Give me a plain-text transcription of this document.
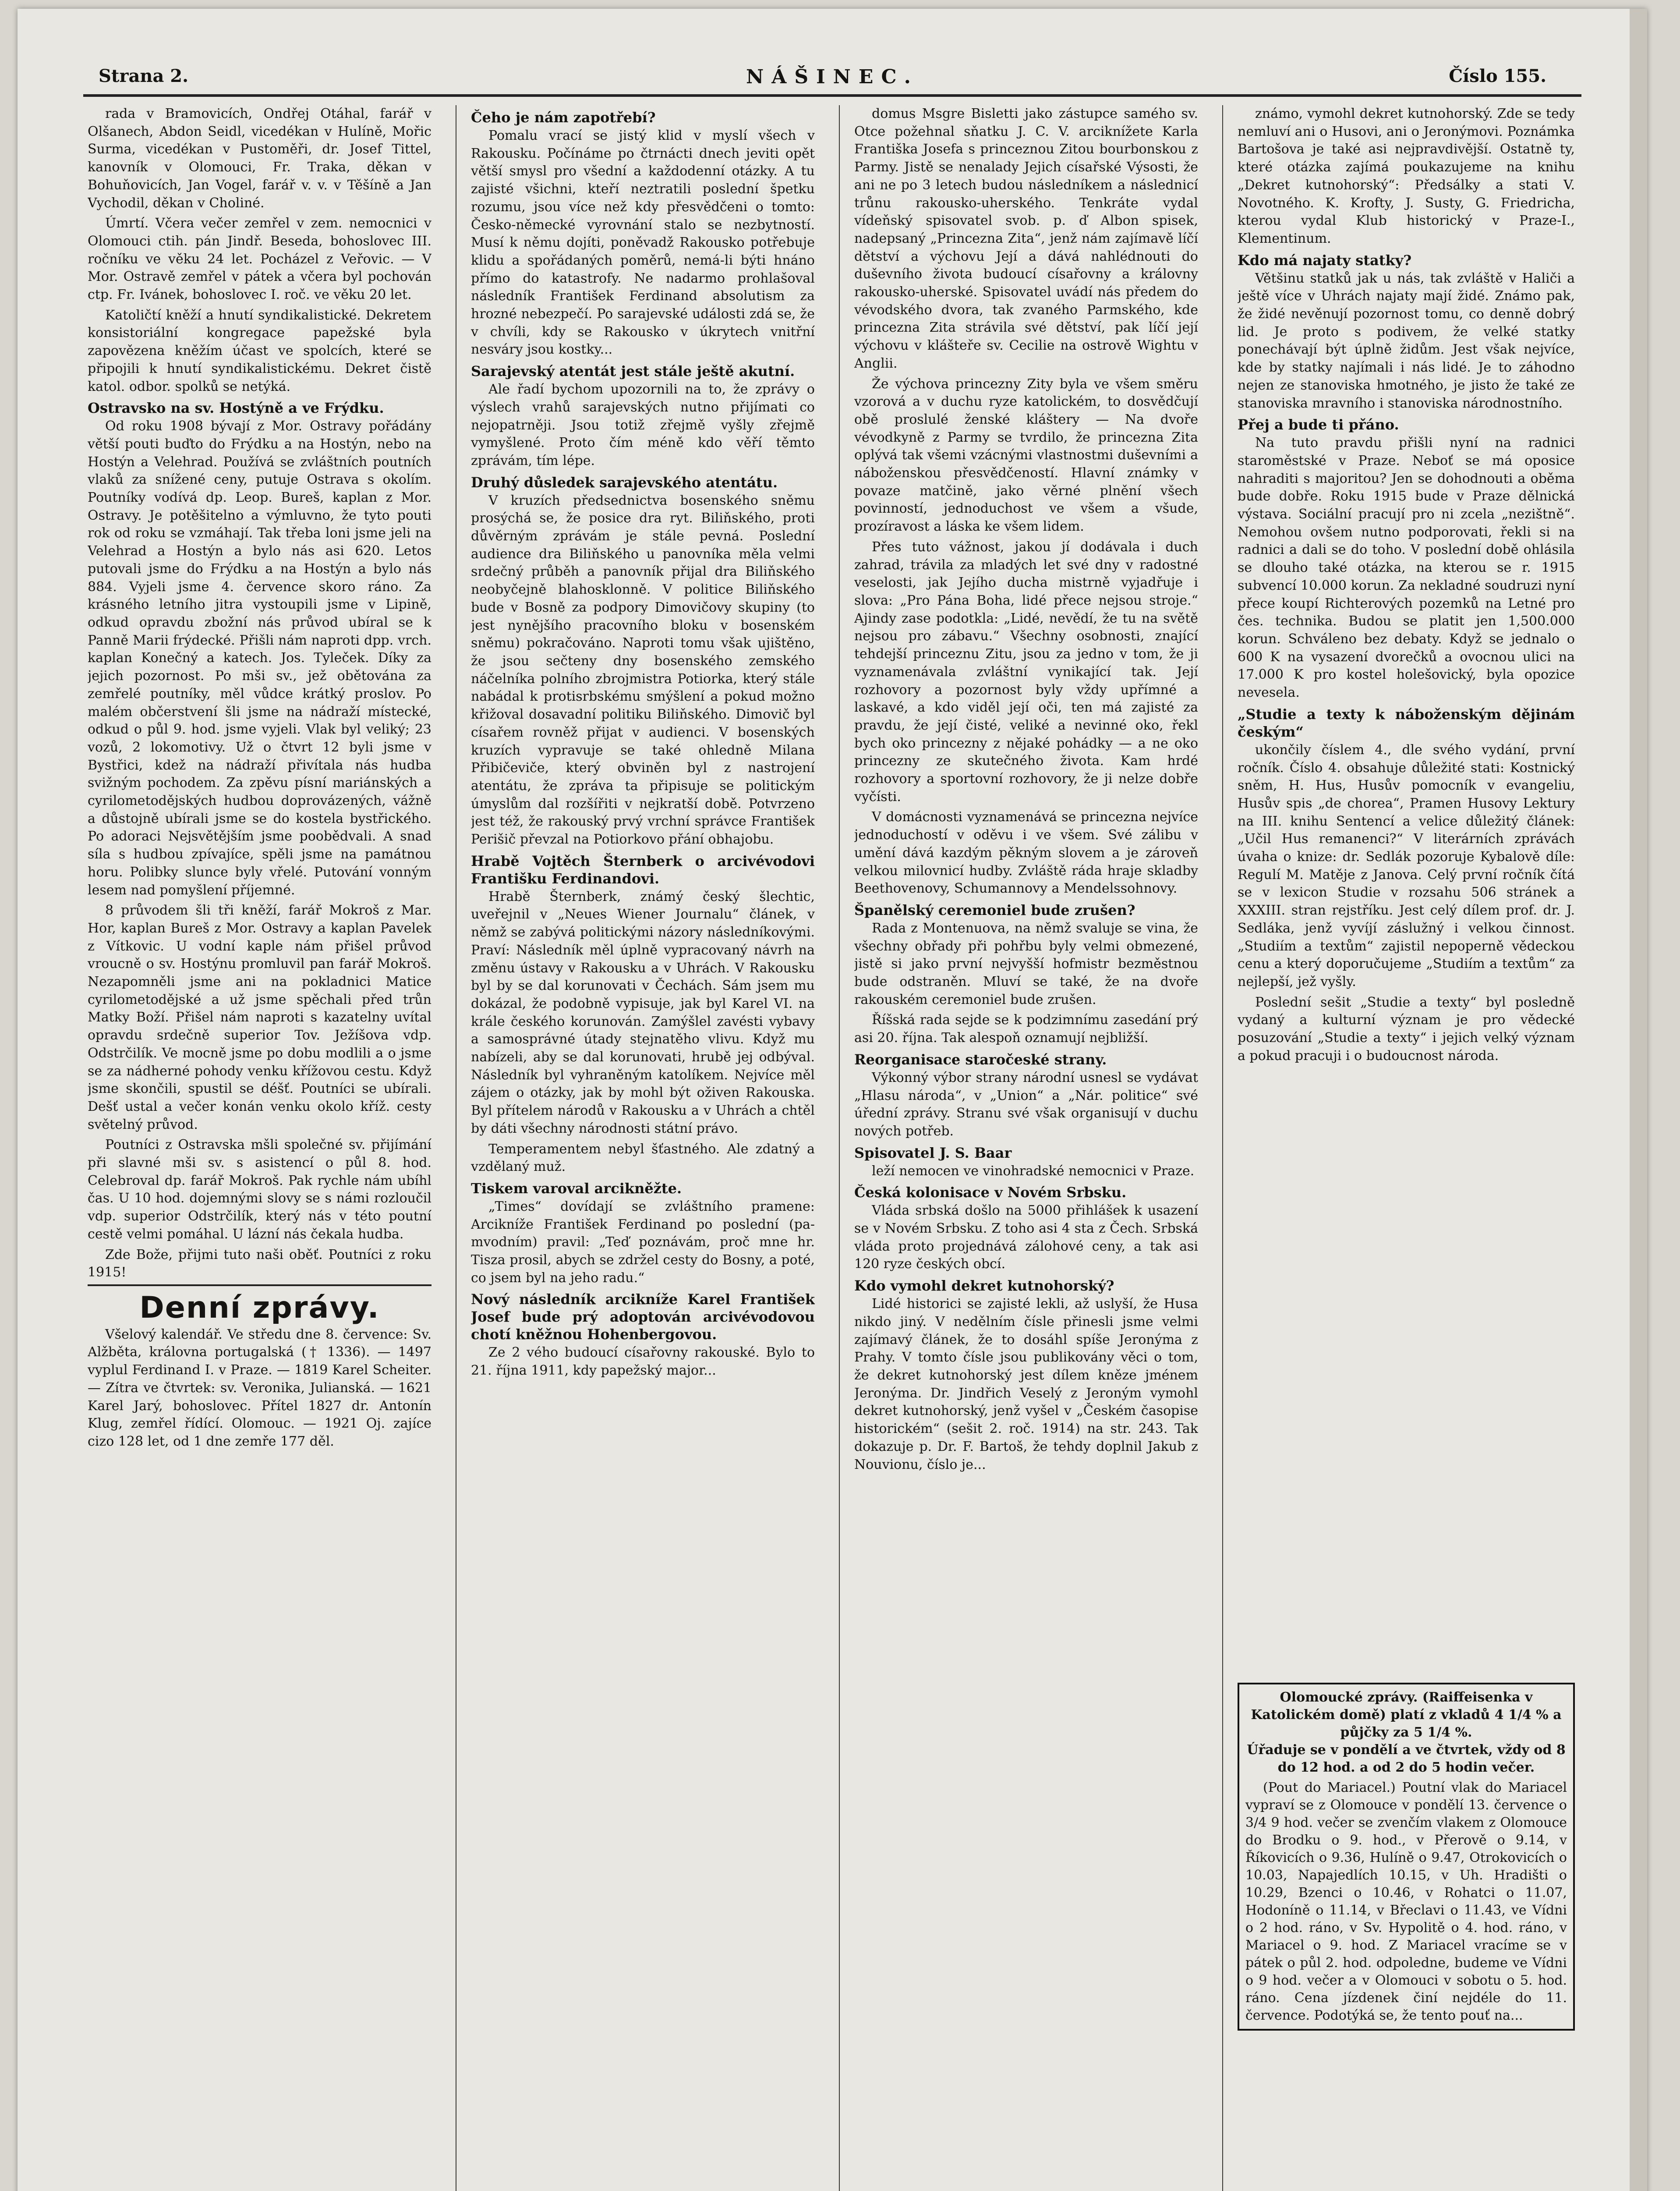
Strana 2.	NÁŠINEC.	Číslo 155.

rada v Bramovicích, Ondřej Otáhal, farář v Olšanech, Abdon Seidl, vicedékan v Hulíně, Mořic Surma, vicedékan v Pustoměři, dr. Josef Tittel, kanovník v Olomouci, Fr. Traka, děkan v Bohuňovicích, Jan Vogel, farář v. v. v Těšíně a Jan Vychodil, děkan v Choliné.

Úmrtí. Včera večer zemřel v zem. nemocnici v Olomouci ctih. pán Jindř. Beseda, bohoslovec III. ročníku ve věku 24 let. Pocházel z Veřovic. — V Mor. Ostravě zemřel v pátek a včera byl pochován ctp. Fr. Ivánek, bohoslovec I. roč. ve věku 20 let.

Katoličtí kněží a hnutí syndikalistické. Dekretem konsistoriální kongregace papežské byla zapovězena kněžím účast ve spolcích, které se připojili k hnutí syndikalistickému. Dekret čistě katol. odbor. spolků se netýká.

Ostravsko na sv. Hostýně a ve Frýdku.

Od roku 1908 bývají z Mor. Ostravy pořádány větší pouti buďto do Frýdku a na Hostýn, nebo na Hostýn a Velehrad. Používá se zvláštních poutních vlaků za snížené ceny, putuje Ostrava s okolím. Poutníky vodívá dp. Leop. Bureš, kaplan z Mor. Ostravy. Je potěšitelno a výmluvno, že tyto pouti rok od roku se vzmáhají. Tak třeba loni jsme jeli na Velehrad a Hostýn a bylo nás asi 620. Letos putovali jsme do Frýdku a na Hostýn a bylo nás 884. Vyjeli jsme 4. července skoro ráno. Za krásného letního jitra vystoupili jsme v Lipině, odkud opravdu zbožní nás průvod ubíral se k Panně Marii frýdecké. Přišli nám naproti dpp. vrch. kaplan Konečný a katech. Jos. Tyleček. Díky za jejich pozornost. Po mši sv., jež obětována za zemřelé poutníky, měl vůdce krátký proslov. Po malém občerstvení šli jsme na nádraží místecké, odkud o půl 9. hod. jsme vyjeli. Vlak byl veliký; 23 vozů, 2 lokomotivy. Už o čtvrt 12 byli jsme v Bystřici, kdež na nádraží přivítala nás hudba svižným pochodem. Za zpěvu písní mariánských a cyrilometodějských hudbou doprovázených, vážně a důstojně ubírali jsme se do kostela bystřického. Po adoraci Nejsvětějším jsme poobědvali. A snad síla s hudbou zpívajíce, spěli jsme na památnou horu. Polibky slunce byly vřelé. Putování vonným lesem nad pomyšlení příjemné.

8 průvodem šli tři kněží, farář Mokroš z Mar. Hor, kaplan Bureš z Mor. Ostravy a kaplan Pavelek z Vítkovic. U vodní kaple nám přišel průvod vroucně o sv. Hostýnu promluvil pan farář Mokroš. Nezapomněli jsme ani na pokladnici Matice cyrilometodějské a už jsme spěchali před trůn Matky Boží. Přišel nám naproti s kazatelny uvítal opravdu srdečně superior Tov. Ježíšova vdp. Odstrčilík. Ve mocně jsme po dobu modlili a o jsme se za nádherné pohody venku křížovou cestu. Když jsme skončili, spustil se déšť. Poutníci se ubírali. Dešť ustal a večer konán venku okolo kříž. cesty světelný průvod.

Poutníci z Ostravska mšli společné sv. přijímání při slavné mši sv. s asistencí o půl 8. hod. Celebroval dp. farář Mokroš. Pak rychle nám ubíhl čas. U 10 hod. dojemnými slovy se s námi rozloučil vdp. superior Odstrčilík, který nás v této poutní cestě velmi pomáhal. U lázní nás čekala hudba.

Zde Bože, přijmi tuto naši oběť. Poutníci z roku 1915!

Denní zprávy.

Všelový kalendář. Ve středu dne 8. července: Sv. Alžběta, královna portugalská († 1336). — 1497 vyplul Ferdinand I. v Praze. — 1819 Karel Scheiter. — Zítra ve čtvrtek: sv. Veronika, Julianská. — 1621 Karel Jarý, bohoslovec. Přítel 1827 dr. Antonín Klug, zemřel řídící. Olomouc. — 1921 Oj. zajíce cizo 128 let, od 1 dne zemře 177 děl.

Čeho je nám zapotřebí?

Pomalu vrací se jistý klid v myslí všech v Rakousku. Počínáme po čtrnácti dnech jeviti opět větší smysl pro všední a každodenní otázky. A tu zajisté všichni, kteří neztratili poslední špetku rozumu, jsou více než kdy přesvědčeni o tomto: Česko-německé vyrovnání stalo se nezbytností. Musí k němu dojíti, poněvadž Rakousko potřebuje klidu a spořádaných poměrů, nemá-li býti hnáno přímo do katastrofy. Ne nadarmo prohlašoval následník František Ferdinand absolutism za hrozné nebezpečí. Po sarajevské události zdá se, že v chvíli, kdy se Rakousko v úkrytech vnitřní nesváry jsou kostky...

Sarajevský atentát jest stále ještě akutní.

Ale řadí bychom upozornili na to, že zprávy o výslech vrahů sarajevských nutno přijímati co nejopatrněji. Jsou totiž zřejmě vyšly zřejmě vymyšlené. Proto čím méně kdo věří těmto zprávám, tím lépe.

Druhý důsledek sarajevského atentátu.

V kruzích předsednictva bosenského sněmu prosýchá se, že posice dra ryt. Biliňského, proti důvěrným zprávám je stále pevná. Poslední audience dra Biliňského u panovníka měla velmi srdečný průběh a panovník přijal dra Biliňského neobyčejně blahosklonně. V politice Biliňského bude v Bosně za podpory Dimovičovy skupiny (to jest nynějšího pracovního bloku v bosenském sněmu) pokračováno. Naproti tomu však ujištěno, že jsou sečteny dny bosenského zemského náčelníka polního zbrojmistra Potiorka, který stále nabádal k protisrbskému smýšlení a pokud možno křižoval dosavadní politiku Biliňského. Dimovič byl císařem rovněž přijat v audienci. V bosenských kruzích vypravuje se také ohledně Milana Přibičeviče, který obviněn byl z nastrojení atentátu, že zpráva ta připisuje se politickým úmyslům dal rozšířiti v nejkratší době. Potvrzeno jest též, že rakouský prvý vrchní správce František Perišič převzal na Potiorkovo přání obhajobu.

Hrabě Vojtěch Šternberk o arcivévodovi Františku Ferdinandovi.

Hrabě Šternberk, známý český šlechtic, uveřejnil v „Neues Wiener Journalu“ článek, v němž se zabývá politickými názory následníkovými. Praví: Následník měl úplně vypracovaný návrh na změnu ústavy v Rakousku a v Uhrách. V Rakousku byl by se dal korunovati v Čechách. Sám jsem mu dokázal, že podobně vypisuje, jak byl Karel VI. na krále českého korunován. Zamýšlel zavésti vybavy a samosprávné útady stejnatěho vlivu. Když mu nabízeli, aby se dal korunovati, hrubě jej odbýval. Následník byl vyhraněným katolíkem. Nejvíce měl zájem o otázky, jak by mohl být oživen Rakouska. Byl přítelem národů v Rakousku a v Uhrách a chtěl by dáti všechny národnosti státní právo.

Temperamentem nebyl šťastného. Ale zdatný a vzdělaný muž.

Tiskem varoval arcikněžte.

„Times“ dovídají se zvláštního pramene: Arcikníže František Ferdinand po poslední (pa-mvodním) pravil: „Teď poznávám, proč mne hr. Tisza prosil, abych se zdržel cesty do Bosny, a poté, co jsem byl na jeho radu.“

Nový následník arcikníže Karel František Josef bude prý adoptován arcivévodovou chotí kněžnou Hohenbergovou.

Ze 2 vého budoucí císařovny rakouské. Bylo to 21. října 1911, kdy papežský major...

domus Msgre Bisletti jako zástupce samého sv. Otce požehnal sňatku J. C. V. arciknížete Karla Františka Josefa s princeznou Zitou bourbonskou z Parmy. Jistě se nenalady Jejich císařské Výsosti, že ani ne po 3 letech budou následníkem a následnicí trůnu rakousko-uherského. Tenkráte vydal vídeňský spisovatel svob. p. ď Albon spisek, nadepsaný „Princezna Zita“, jenž nám zajímavě líčí dětství a výchovu Její a dává nahlédnouti do duševního života budoucí císařovny a královny rakousko-uherské. Spisovatel uvádí nás předem do vévodského dvora, tak zvaného Parmského, kde princezna Zita strávila své dětství, pak líčí její výchovu v klášteře sv. Cecilie na ostrově Wightu v Anglii.

Že výchova princezny Zity byla ve všem směru vzorová a v duchu ryze katolickém, to dosvědčují obě proslulé ženské kláštery — Na dvoře vévodkyně z Parmy se tvrdilo, že princezna Zita oplývá tak všemi vzácnými vlastnostmi duševními a náboženskou přesvědčeností. Hlavní známky v povaze matčině, jako věrné plnění všech povinností, jednoduchost ve všem a všude, prozíravost a láska ke všem lidem.

Přes tuto vážnost, jakou jí dodávala i duch zahrad, trávila za mladých let své dny v radostné veselosti, jak Jejího ducha mistrně vyjadřuje i slova: „Pro Pána Boha, lidé přece nejsou stroje.“ Ajindy zase podotkla: „Lidé, nevědí, že tu na světě nejsou pro zábavu.“ Všechny osobnosti, znající tehdejší princeznu Zitu, jsou za jedno v tom, že ji vyznamenávala zvláštní vynikající tak. Její rozhovory a pozornost byly vždy upřímné a laskavé, a kdo viděl její oči, ten má zajisté za pravdu, že její čisté, veliké a nevinné oko, řekl bych oko princezny z nějaké pohádky — a ne oko princezny ze skutečného života. Kam hrdé rozhovory a sportovní rozhovory, že ji nelze dobře vyčísti.

V domácnosti vyznamenává se princezna nejvíce jednoduchostí v oděvu i ve všem. Své zálibu v umění dává kazdým pěkným slovem a je zároveň velkou milovnicí hudby. Zvláště ráda hraje skladby Beethovenovy, Schumannovy a Mendelssohnovy.

Španělský ceremoniel bude zrušen?

Rada z Montenuova, na němž svaluje se vina, že všechny obřady při pohřbu byly velmi obmezené, jistě si jako první nejvyšší hofmistr bezměstnou bude odstraněn. Mluví se také, že na dvoře rakouském ceremoniel bude zrušen.

Říšská rada sejde se k podzimnímu zasedání prý asi 20. října. Tak alespoň oznamují nejbližší.

Reorganisace staročeské strany.

Výkonný výbor strany národní usnesl se vydávat „Hlasu národa“, v „Union“ a „Nár. politice“ své úřední zprávy. Stranu své však organisují v duchu nových potřeb.

Spisovatel J. S. Baar

leží nemocen ve vinohradské nemocnici v Praze.

Česká kolonisace v Novém Srbsku.

Vláda srbská došlo na 5000 přihlášek k usazení se v Novém Srbsku. Z toho asi 4 sta z Čech. Srbská vláda proto projednává zálohové ceny, a tak asi 120 ryze českých obcí.

Kdo vymohl dekret kutnohorský?

Lidé historici se zajisté lekli, až uslyší, že Husa nikdo jiný. V nedělním čísle přinesli jsme velmi zajímavý článek, že to dosáhl spíše Jeronýma z Prahy. V tomto čísle jsou publikovány věci o tom, že dekret kutnohorský jest dílem kněze jménem Jeronýma. Dr. Jindřich Veselý z Jeroným vymohl dekret kutnohorský, jenž vyšel v „Českém časopise historickém“ (sešit 2. roč. 1914) na str. 243. Tak dokazuje p. Dr. F. Bartoš, že tehdy doplnil Jakub z Nouvionu, číslo je...

známo, vymohl dekret kutnohorský. Zde se tedy nemluví ani o Husovi, ani o Jeronýmovi. Poznámka Bartošova je také asi nejpravdivější. Ostatně ty, které otázka zajímá poukazujeme na knihu „Dekret kutnohorský“: Předsálky a stati V. Novotného. K. Krofty, J. Susty, G. Friedricha, kterou vydal Klub historický v Praze-I., Klementinum.

Kdo má najaty statky?

Většinu statků jak u nás, tak zvláště v Haliči a ještě více v Uhrách najaty mají židé. Známo pak, že židé nevěnují pozornost tomu, co denně dobrý lid. Je proto s podivem, že velké statky ponechávají být úplně židům. Jest však nejvíce, kde by statky najímali i nás lidé. Je to záhodno nejen ze stanoviska hmotného, je jisto že také ze stanoviska mravního i stanoviska národnostního.

Přej a bude ti přáno.

Na tuto pravdu přišli nyní na radnici staroměstské v Praze. Neboť se má oposice nahraditi s majoritou? Jen se dohodnouti a oběma bude dobře. Roku 1915 bude v Praze dělnická výstava. Sociální pracují pro ni zcela „nezištně“. Nemohou ovšem nutno podporovati, řekli si na radnici a dali se do toho. V poslední době ohlásila se dlouho také otázka, na kterou se r. 1915 subvencí 10.000 korun. Za nekladné soudruzi nyní přece koupí Richterových pozemků na Letné pro čes. technika. Budou se platit jen 1,500.000 korun. Schváleno bez debaty. Když se jednalo o 600 K na vysazení dvorečků a ovocnou ulici na 17.000 K pro kostel holešovický, byla opozice nevesela.

„Studie a texty k náboženským dějinám českým“

ukončily číslem 4., dle svého vydání, první ročník. Číslo 4. obsahuje důležité stati: Kostnický sněm, H. Hus, Husův pomocník v evangeliu, Husův spis „de choreа“, Pramen Husovy Lektury na III. knihu Sentencí a velice důležitý článek: „Učil Hus remanenci?“ V literárních zprávách úvaha o knize: dr. Sedlák pozoruje Kybalově díle: Regulí M. Matěje z Janova. Celý první ročník čítá se v lexicon Studie v rozsahu 506 stránek a XXXIII. stran rejstříku. Jest celý dílem prof. dr. J. Sedláka, jenž vyvíjí záslužný i velkou činnost. „Studiím a textům“ zajistil nepoperně vědeckou cenu a který doporučujeme „Studiím a textům“ za nejlepší, jež vyšly.

Poslední sešit „Studie a texty“ byl posledně vydaný a kulturní význam je pro vědecké posuzování „Studie a texty“ i jejich velký význam a pokud pracuji i o budoucnost národa.

Olomoucké zprávy. (Raiffeisenka v Katolickém domě) platí z vkladů 4 1/4 % a půjčky za 5 1/4 %.
Úřaduje se v pondělí a ve čtvrtek, vždy od 8 do 12 hod. a od 2 do 5 hodin večer.

(Pout do Mariacel.) Poutní vlak do Mariacel vypraví se z Olomouce v pondělí 13. července o 3/4 9 hod. večer se zvenčím vlakem z Olomouce do Brodku o 9. hod., v Přerově o 9.14, v Říkovicích o 9.36, Hulíně o 9.47, Otrokovicích o 10.03, Napajedlích 10.15, v Uh. Hradišti o 10.29, Bzenci o 10.46, v Rohatci o 11.07, Hodoníně o 11.14, v Břeclavi o 11.43, ve Vídni o 2 hod. ráno, v Sv. Hypolitě o 4. hod. ráno, v Mariacel o 9. hod. Z Mariacel vracíme se v pátek o půl 2. hod. odpoledne, budeme ve Vídni o 9 hod. večer a v Olomouci v sobotu o 5. hod. ráno. Cena jízdenek činí nejdéle do 11. července. Podotýká se, že tento pouť na...
